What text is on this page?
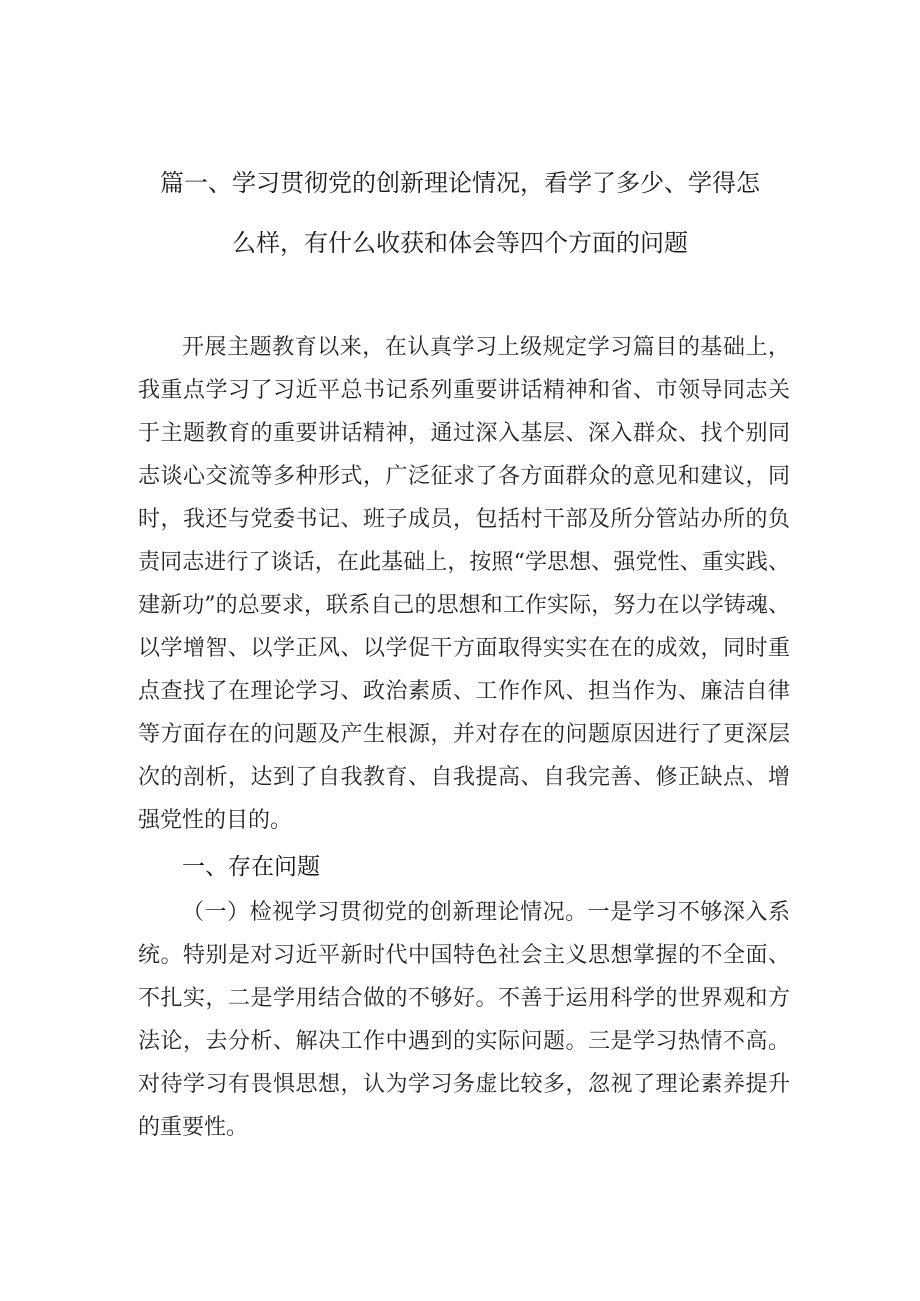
篇一、学习贯彻党的创新理论情况，看学了多少、学得怎
么样，有什么收获和体会等四个方面的问题
开展主题教育以来，在认真学习上级规定学习篇目的基础上，我重点学习了习近平总书记系列重要讲话精神和省、市领导同志关于主题教育的重要讲话精神，通过深入基层、深入群众、找个别同志谈心交流等多种形式，广泛征求了各方面群众的意见和建议，同时，我还与党委书记、班子成员，包括村干部及所分管站办所的负责同志进行了谈话，在此基础上，按照“学思想、强党性、重实践、建新功”的总要求，联系自己的思想和工作实际，努力在以学铸魂、以学增智、以学正风、以学促干方面取得实实在在的成效，同时重点查找了在理论学习、政治素质、工作作风、担当作为、廉洁自律等方面存在的问题及产生根源，并对存在的问题原因进行了更深层次的剖析，达到了自我教育、自我提高、自我完善、修正缺点、增强党性的目的。
一、存在问题
（一）检视学习贯彻党的创新理论情况。一是学习不够深入系统。特别是对习近平新时代中国特色社会主义思想掌握的不全面、不扎实，二是学用结合做的不够好。不善于运用科学的世界观和方法论，去分析、解决工作中遇到的实际问题。三是学习热情不高。对待学习有畏惧思想，认为学习务虚比较多，忽视了理论素养提升的重要性。
